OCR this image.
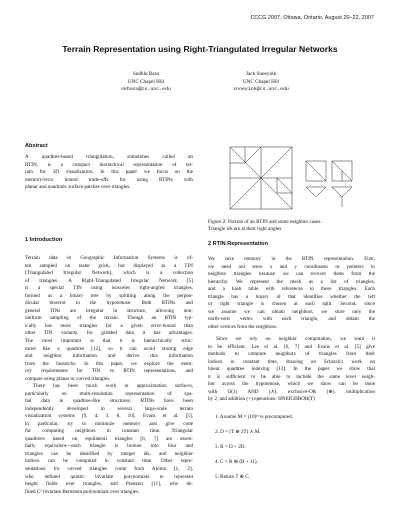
CCCG 2007, Ottawa, Ontario, August 20–22, 2007
Terrain Representation using Right-Triangulated Irregular Networks
Sudhlu Basu
UNC Chapel Hill
skbasu@cs.unc.edu
Jack Snoeyink
UNC Chapel Hill
snoeyink@cs.unc.edu
Abstract
A quadtree-based triangulation, sometimes called an
RTIN, is a compact hierarchical representation of ter-
rain for 3D visualization. In this paper we focus on the
memory/error bound trade-offs for using RTINs with
planar and quadratic surface patches over triangles.
1 Introduction
Terrain data in Geographic Information Systems is of-
ten sampled on raster grids, but displayed as a TIN
(Triangulated Irregular Network), which is a collection
of triangles. A Right-Triangulated Irregular Network [5]
is a special TIN using isosceles right-angled triangles,
formed as a binary tree by splitting along the perpen-
dicular bisector to the hypotenuse. Both RTINs and
general TINs are irregular in structure, allowing non-
uniform sampling of the terrain. Though an RTIN typ-
ically has more triangles for a given error-bound than
other TIN variants, for gridded data it has advantages.
The most important is that it is hierarchically struc-
tured like a quadtree [12], so it can avoid storing edge
and neighbor information and derive this information
from the hierarchy. In this paper, we explore the mem-
ory requirements for TIN vs RTIN representations, and
compare using planar or curved triangles.
There has been much work in approximation surfaces,
particularly on multi-resolution representation of spa-
tial data in quadtree-like structures. RTINs have been
independently developed in several large-scale terrain
visualization systems [9, 4, 3, 8, 10]. Evans et al. [5],
in particular, try to minimize memory and give code
for computing neighbors in constant time. Triangular
quadtrees based on equilateral triangles [6, 7] are essen-
tially equivalent—each triangle is broken into four and
triangles can be identified by integer ids, and neighbor
indices can be computed in constant time. Other repre-
sentations for curved triangles come from Akima [1, 2],
who defined quintic bivariate polynomials to represent
height fields over triangles, and Preusser [11], who de-
fined C¹ bivariate Bernstein polynomials over triangles.
Figure 2: Portion of an RTIN and some neighbor cases.
Triangle ids are at their right angles.
2 RTIN Representation
We save memory in the RTIN representation. First,
we need not store x and y coordinates or pointers to
neighbor triangles because we can recover them from the
hierarchy. We represent the mesh as a list of triangles,
and a hash table with references to these triangles. Each
triangle has a binary id that identifies whether the left
or right triangle is chosen at each split. Second, since
we assume we can obtain neighbors, we store only the
north-west vertex with each triangle, and obtain the
other vertices from the neighbors.
Since we rely on neighbor computation, we want it
to be efficient. Lee et al. [6, 7] and Evans et al. [5] give
methods to compute neighbors of triangles from their
indices in constant time, drawing on Schrack's work on
linear quadtree indexing [13]. In the paper we show that
it is sufficient to be able to include the same level neigh-
bor across the hypotenuse, which we show can be done
with O(1) AND (∧), exclusive-OR (⊕), multiplication
by 2, and addition (+) operations: HNEIGHBOR(T)
1. Assume M = (10)ᵐ is precomputed.
2. D = (T ⊕ 2T) ∧ M.
3. R = D + 2D.
4. C = R ⊕ (R + 11).
5. Return T ⊕ C.
